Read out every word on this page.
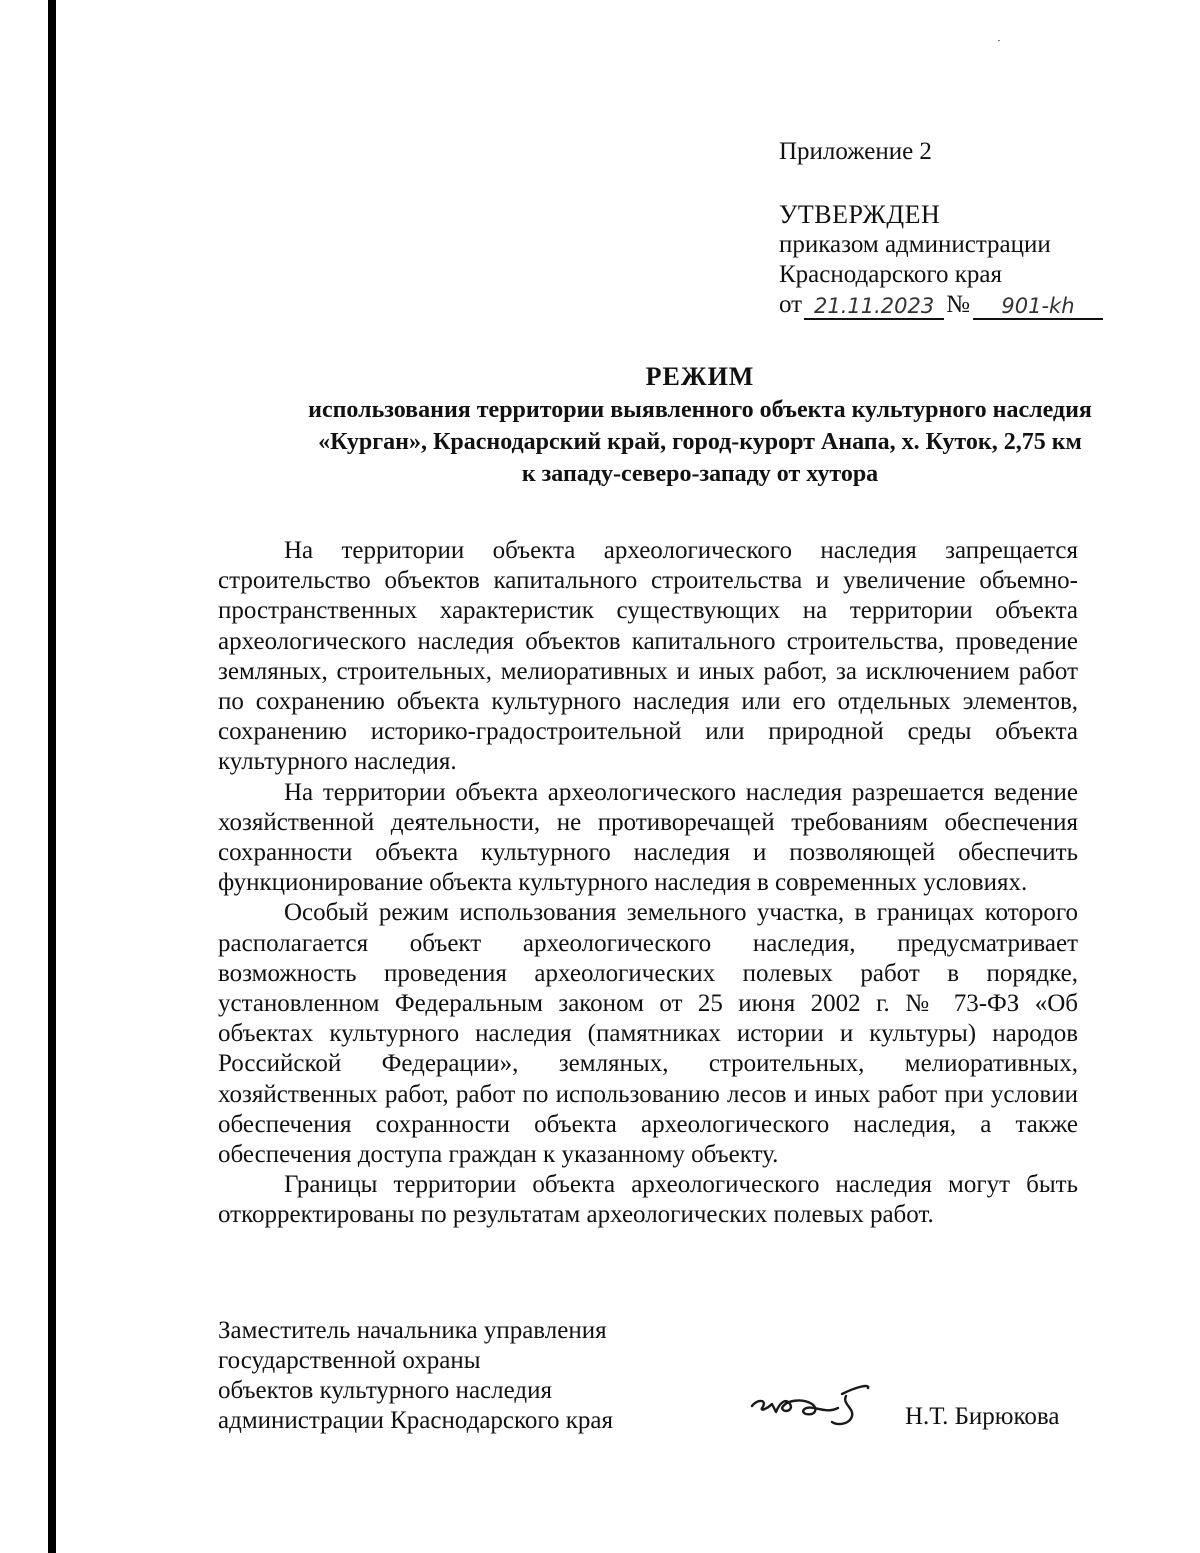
Приложение 2
УТВЕРЖДЕН
приказом администрации
Краснодарского края
от 21.11.2023 №	901-kh
РЕЖИМ
использования территории выявленного объекта культурного наследия
«Курган», Краснодарский край, город-курорт Анапа, х. Куток, 2,75 км
к западу-северо-западу от хутора

На территории объекта археологического наследия запрещается строительство объектов капитального строительства и увеличение объемно-пространственных характеристик существующих на территории объекта археологического наследия объектов капитального строительства, проведение земляных, строительных, мелиоративных и иных работ, за исключением работ по сохранению объекта культурного наследия или его отдельных элементов, сохранению историко-градостроительной или природной среды объекта культурного наследия.

На территории объекта археологического наследия разрешается ведение хозяйственной деятельности, не противоречащей требованиям обеспечения сохранности объекта культурного наследия и позволяющей обеспечить функционирование объекта культурного наследия в современных условиях.

Особый режим использования земельного участка, в границах которого располагается объект археологического наследия, предусматривает возможность проведения археологических полевых работ в порядке, установленном Федеральным законом от 25 июня 2002 г. № 73-ФЗ «Об объектах культурного наследия (памятниках истории и культуры) народов Российской Федерации», земляных, строительных, мелиоративных, хозяйственных работ, работ по использованию лесов и иных работ при условии обеспечения сохранности объекта археологического наследия, а также обеспечения доступа граждан к указанному объекту.

Границы территории объекта археологического наследия могут быть откорректированы по результатам археологических полевых работ.

Заместитель начальника управления
государственной охраны
объектов культурного наследия
администрации Краснодарского края	Н.Т. Бирюкова
